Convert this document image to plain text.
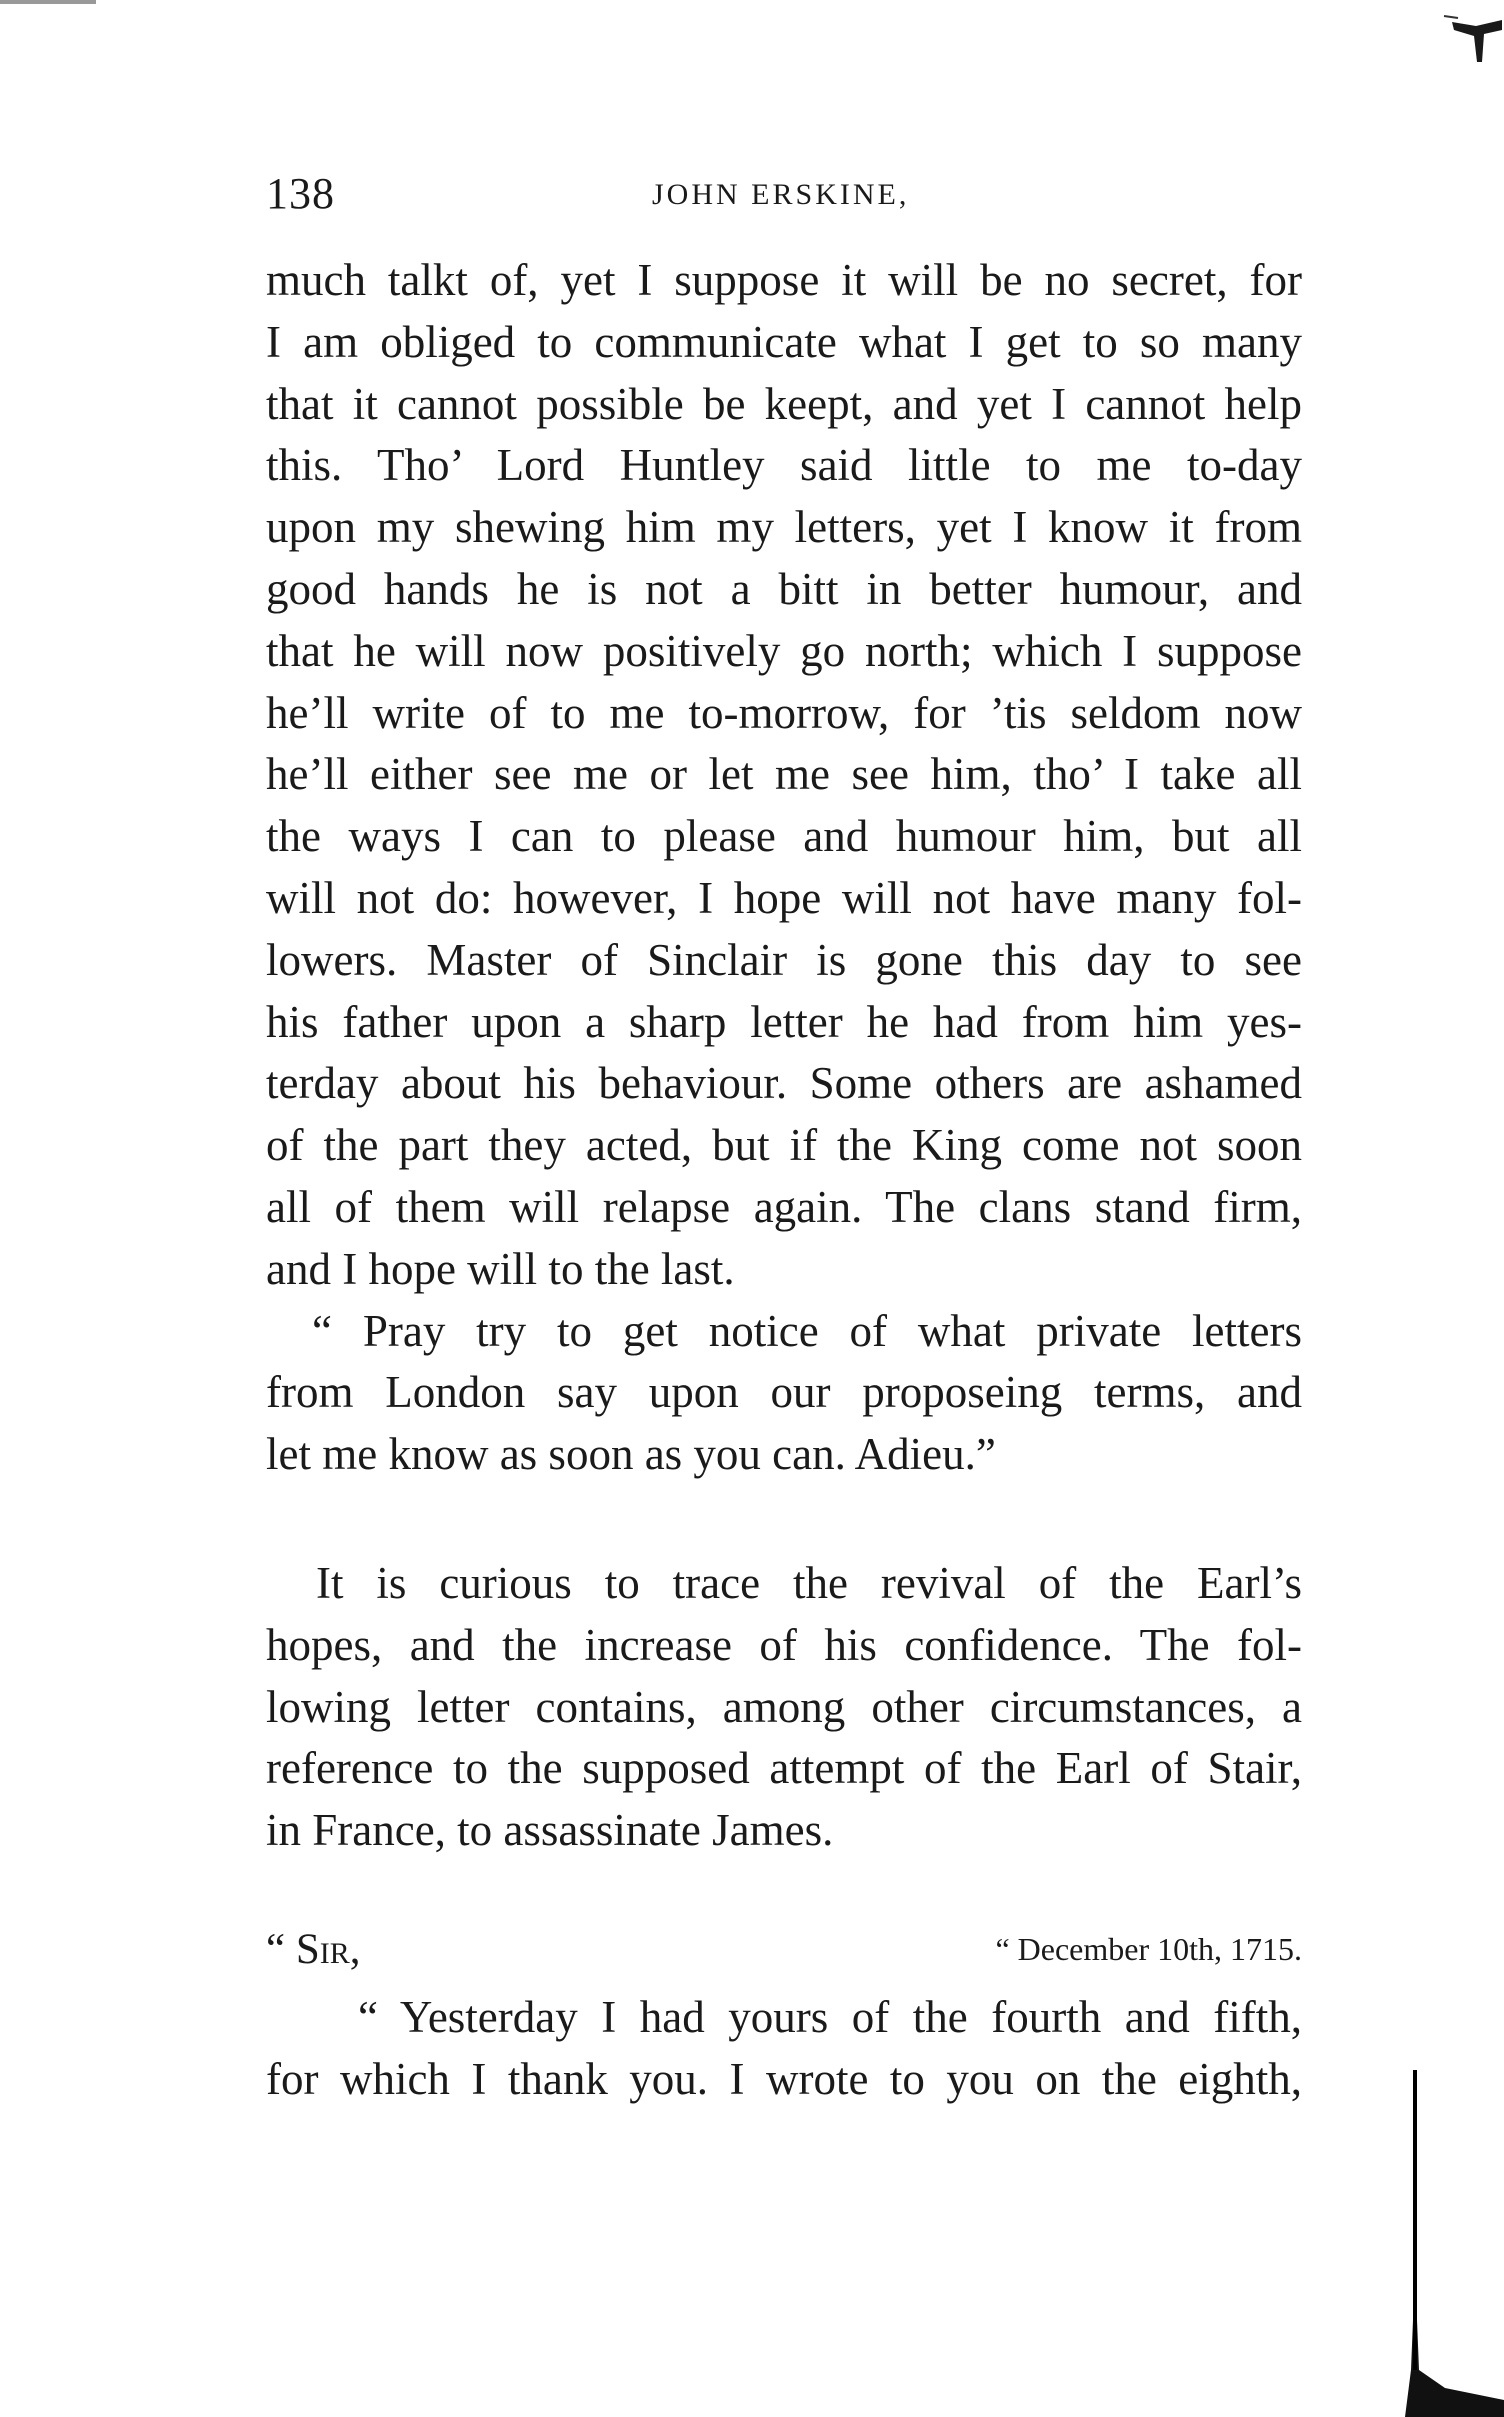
138	JOHN ERSKINE,
much talkt of, yet I suppose it will be no secret, for
I am obliged to communicate what I get to so many
that it cannot possible be keept, and yet I cannot help
this. Tho’ Lord Huntley said little to me to-day
upon my shewing him my letters, yet I know it from
good hands he is not a bitt in better humour, and
that he will now positively go north; which I suppose
he’ll write of to me to-morrow, for ’tis seldom now
he’ll either see me or let me see him, tho’ I take all
the ways I can to please and humour him, but all
will not do: however, I hope will not have many fol-
lowers. Master of Sinclair is gone this day to see
his father upon a sharp letter he had from him yes-
terday about his behaviour. Some others are ashamed
of the part they acted, but if the King come not soon
all of them will relapse again. The clans stand firm,
and I hope will to the last.
“ Pray try to get notice of what private letters
from London say upon our proposeing terms, and
let me know as soon as you can. Adieu.”
It is curious to trace the revival of the Earl’s
hopes, and the increase of his confidence. The fol-
lowing letter contains, among other circumstances, a
reference to the supposed attempt of the Earl of Stair,
in France, to assassinate James.
“ Sir,	“ December 10th, 1715.
“ Yesterday I had yours of the fourth and fifth,
for which I thank you. I wrote to you on the eighth,
